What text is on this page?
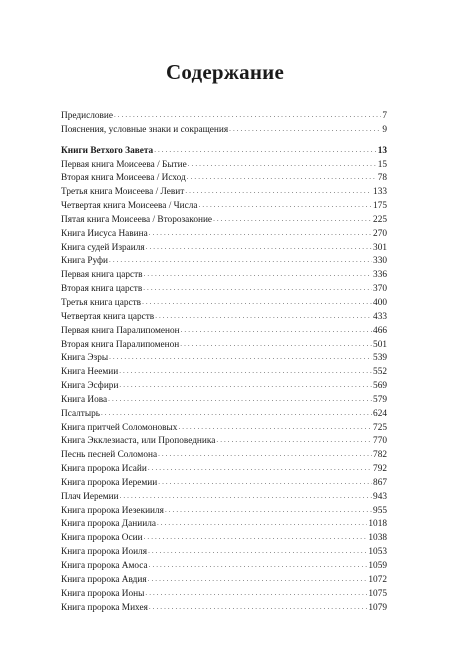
Содержание
Предисловие . . .	7
Пояснения, условные знаки и сокращения . . .	9
Книги Ветхого Завета . . .	13
Первая книга Моисеева / Бытие . . .	15
Вторая книга Моисеева / Исход . . .	78
Третья книга Моисеева / Левит . . .	133
Четвертая книга Моисеева / Числа . . .	175
Пятая книга Моисеева / Второзаконие . . .	225
Книга Иисуса Навина . . .	270
Книга судей Израиля . . .	301
Книга Руфи . . .	330
Первая книга царств . . .	336
Вторая книга царств . . .	370
Третья книга царств . . .	400
Четвертая книга царств . . .	433
Первая книга Паралипоменон . . .	466
Вторая книга Паралипоменон . . .	501
Книга Эзры . . .	539
Книга Неемии . . .	552
Книга Эсфири . . .	569
Книга Иова . . .	579
Псалтырь . . .	624
Книга притчей Соломоновых . . .	725
Книга Экклезиаста, или Проповедника . . .	770
Песнь песней Соломона . . .	782
Книга пророка Исайи . . .	792
Книга пророка Иеремии . . .	867
Плач Иеремии . . .	943
Книга пророка Иезекииля . . .	955
Книга пророка Даниила . . .	1018
Книга пророка Осии . . .	1038
Книга пророка Иоиля . . .	1053
Книга пророка Амоса . . .	1059
Книга пророка Авдия . . .	1072
Книга пророка Ионы . . .	1075
Книга пророка Михея . . .	1079
